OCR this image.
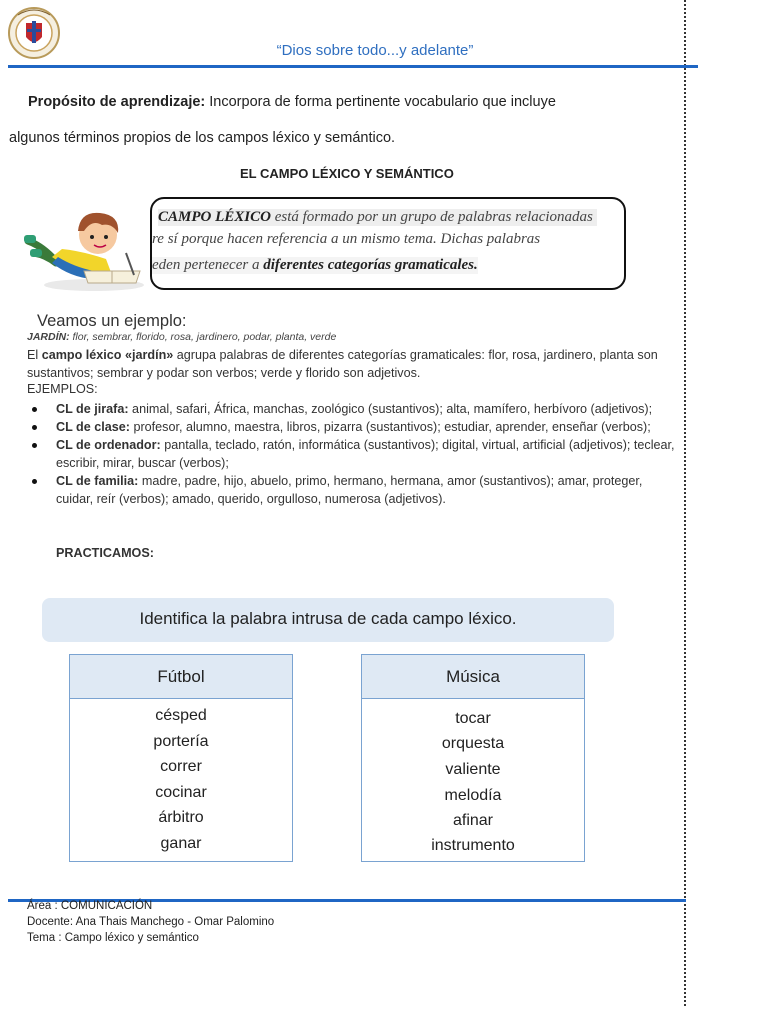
“Dios sobre todo...y adelante”
Propósito de aprendizaje: Incorpora de forma pertinente vocabulario que incluye
algunos términos propios de los campos léxico y semántico.
EL CAMPO LÉXICO Y SEMÁNTICO
CAMPO LÉXICO está formado por un grupo de palabras relacionadas
re sí porque hacen referencia a un mismo tema. Dichas palabras
eden pertenecer a diferentes categorías gramaticales.
Veamos un ejemplo:
JARDÍN: flor, sembrar, florido, rosa, jardinero, podar, planta, verde
El campo léxico «jardín» agrupa palabras de diferentes categorías gramaticales: flor, rosa, jardinero, planta son sustantivos; sembrar y podar son verbos; verde y florido son adjetivos.
EJEMPLOS:
CL de jirafa: animal, safari, África, manchas, zoológico (sustantivos); alta, mamífero, herbívoro (adjetivos);
CL de clase: profesor, alumno, maestra, libros, pizarra (sustantivos); estudiar, aprender, enseñar (verbos);
CL de ordenador: pantalla, teclado, ratón, informática (sustantivos); digital, virtual, artificial (adjetivos); teclear, escribir, mirar, buscar (verbos);
CL de familia: madre, padre, hijo, abuelo, primo, hermano, hermana, amor (sustantivos); amar, proteger, cuidar, reír (verbos); amado, querido, orgulloso, numerosa (adjetivos).
PRACTICAMOS:
Identifica la palabra intrusa de cada campo léxico.
Fútbol
césped
portería
correr
cocinar
árbitro
ganar
Música
tocar
orquesta
valiente
melodía
afinar
instrumento
Área : COMUNICACIÓN
Docente: Ana Thais Manchego - Omar Palomino
Tema : Campo léxico y semántico
